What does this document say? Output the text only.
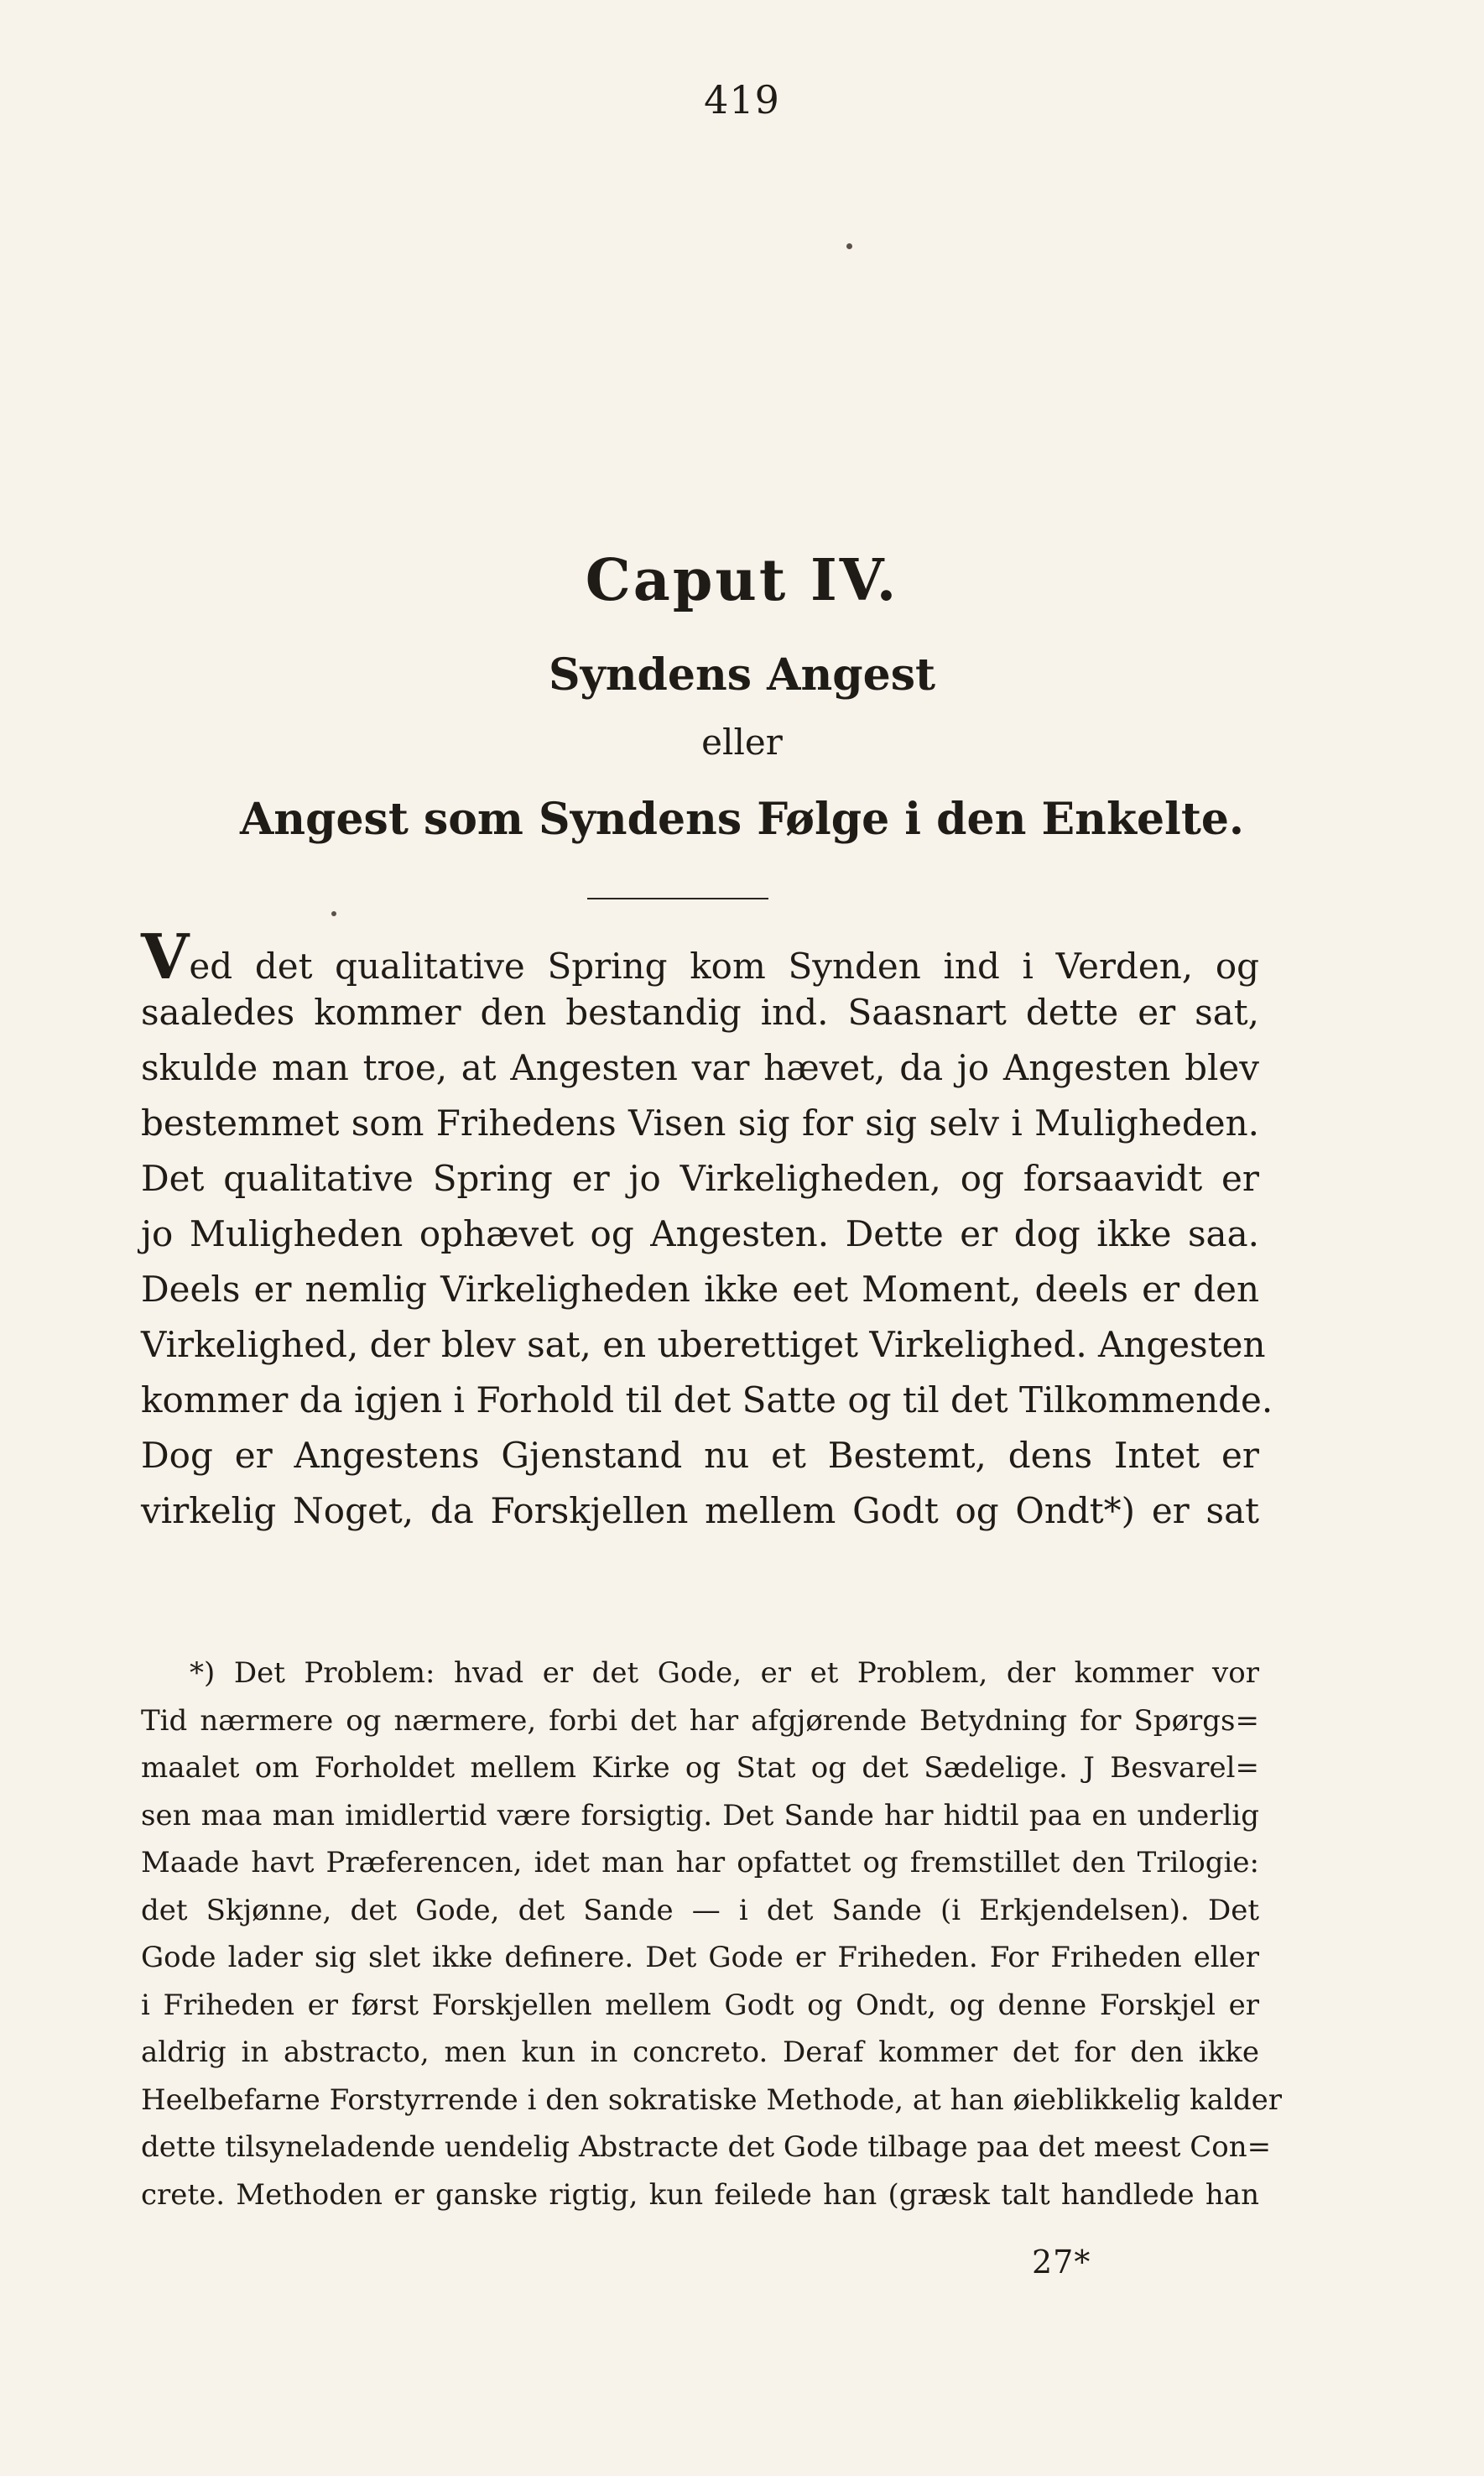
419
Caput IV.
Syndens Angest
eller
Angest som Syndens Følge i den Enkelte.
Ved det qualitative Spring kom Synden ind i Verden, og
saaledes kommer den bestandig ind. Saasnart dette er sat,
skulde man troe, at Angesten var hævet, da jo Angesten blev
bestemmet som Frihedens Visen sig for sig selv i Muligheden.
Det qualitative Spring er jo Virkeligheden, og forsaavidt er
jo Muligheden ophævet og Angesten. Dette er dog ikke saa.
Deels er nemlig Virkeligheden ikke eet Moment, deels er den
Virkelighed, der blev sat, en uberettiget Virkelighed. Angesten
kommer da igjen i Forhold til det Satte og til det Tilkommende.
Dog er Angestens Gjenstand nu et Bestemt, dens Intet er
virkelig Noget, da Forskjellen mellem Godt og Ondt*) er sat
*) Det Problem: hvad er det Gode, er et Problem, der kommer vor
Tid nærmere og nærmere, forbi det har afgjørende Betydning for Spørgs=
maalet om Forholdet mellem Kirke og Stat og det Sædelige. J Besvarel=
sen maa man imidlertid være forsigtig. Det Sande har hidtil paa en underlig
Maade havt Præferencen, idet man har opfattet og fremstillet den Trilogie:
det Skjønne, det Gode, det Sande — i det Sande (i Erkjendelsen). Det
Gode lader sig slet ikke definere. Det Gode er Friheden. For Friheden eller
i Friheden er først Forskjellen mellem Godt og Ondt, og denne Forskjel er
aldrig in abstracto, men kun in concreto. Deraf kommer det for den ikke
Heelbefarne Forstyrrende i den sokratiske Methode, at han øieblikkelig kalder
dette tilsyneladende uendelig Abstracte det Gode tilbage paa det meest Con=
crete. Methoden er ganske rigtig, kun feilede han (græsk talt handlede han
27*
